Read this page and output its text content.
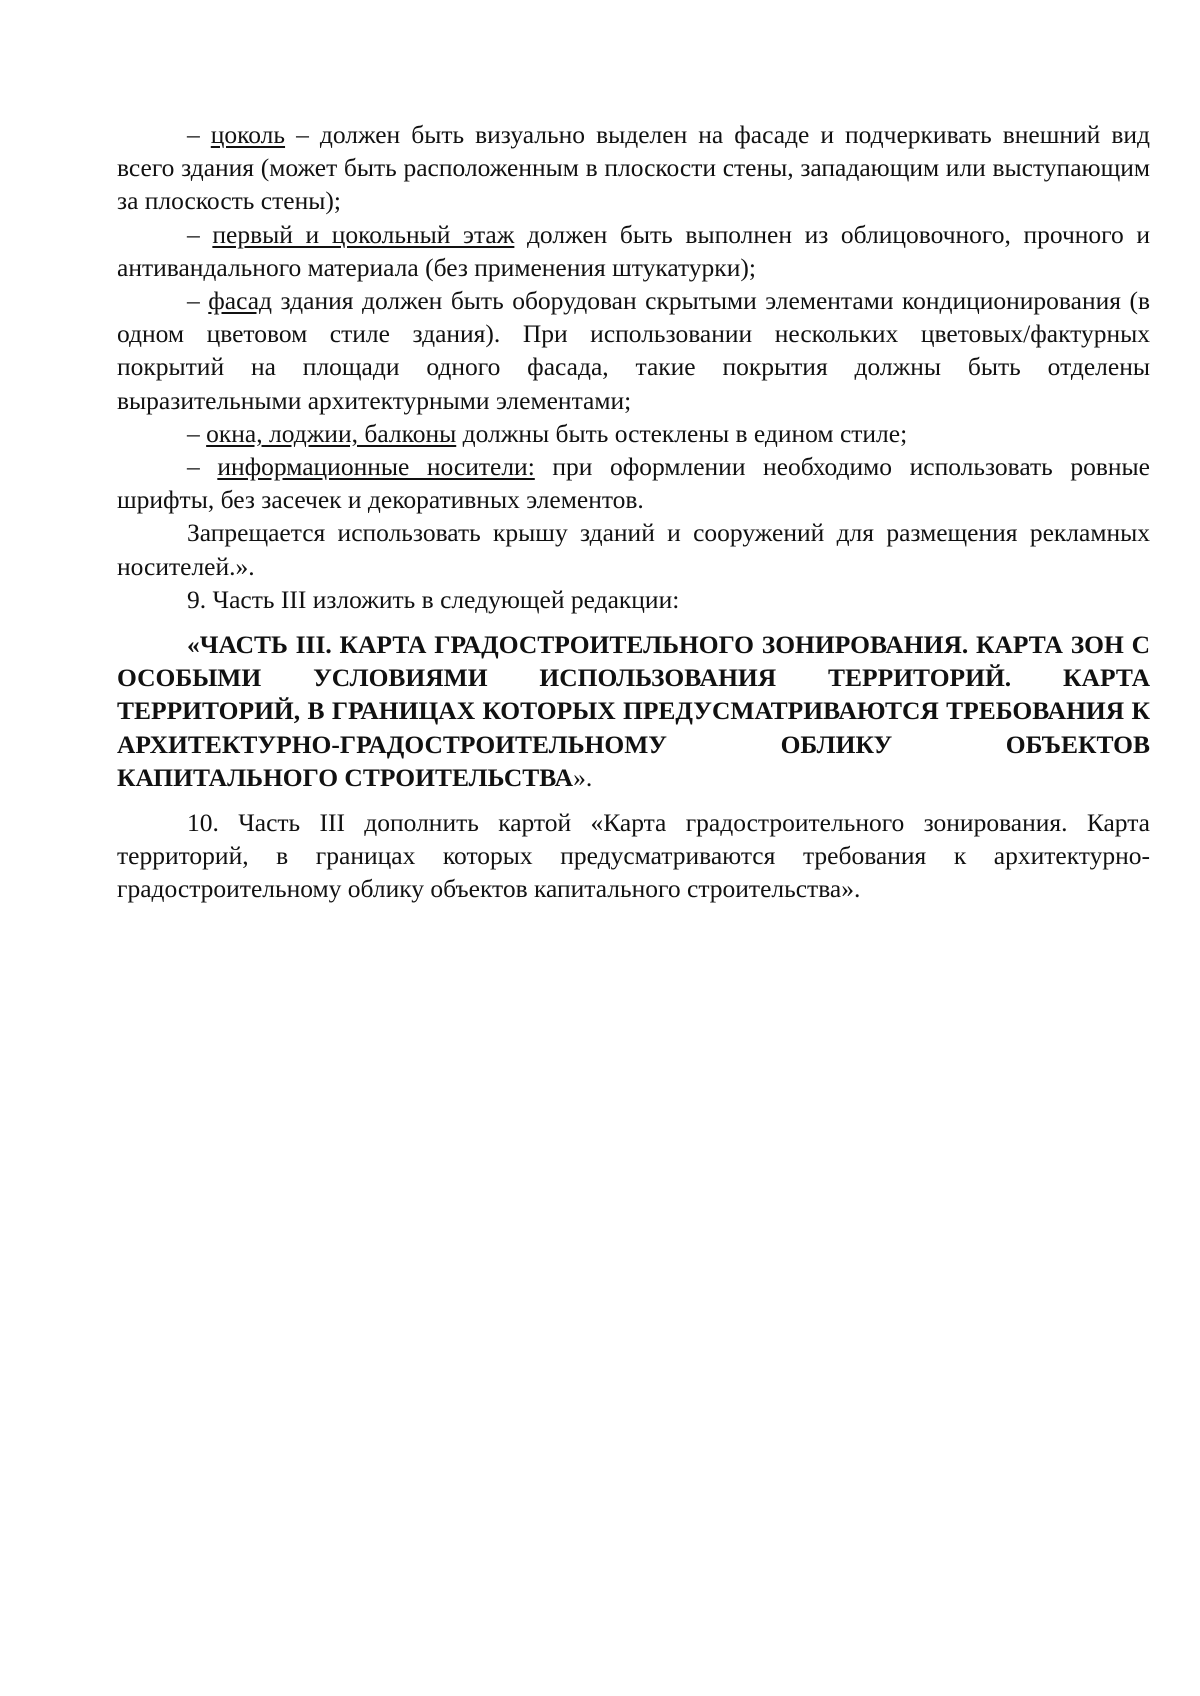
– цоколь – должен быть визуально выделен на фасаде и подчеркивать внешний вид всего здания (может быть расположенным в плоскости стены, западающим или выступающим за плоскость стены);

– первый и цокольный этаж должен быть выполнен из облицовочного, прочного и антивандального материала (без применения штукатурки);

– фасад здания должен быть оборудован скрытыми элементами кондиционирования (в одном цветовом стиле здания). При использовании нескольких цветовых/фактурных покрытий на площади одного фасада, такие покрытия должны быть отделены выразительными архитектурными элементами;

– окна, лоджии, балконы должны быть остеклены в едином стиле;

– информационные носители: при оформлении необходимо использовать ровные шрифты, без засечек и декоративных элементов.

Запрещается использовать крышу зданий и сооружений для размещения рекламных носителей.».

9. Часть III изложить в следующей редакции:

«ЧАСТЬ III. КАРТА ГРАДОСТРОИТЕЛЬНОГО ЗОНИРОВАНИЯ. КАРТА ЗОН С ОСОБЫМИ УСЛОВИЯМИ ИСПОЛЬЗОВАНИЯ ТЕРРИТОРИЙ. КАРТА ТЕРРИТОРИЙ, В ГРАНИЦАХ КОТОРЫХ ПРЕДУСМАТРИВАЮТСЯ ТРЕБОВАНИЯ К АРХИТЕКТУРНО-ГРАДОСТРОИТЕЛЬНОМУ ОБЛИКУ ОБЪЕКТОВ КАПИТАЛЬНОГО СТРОИТЕЛЬСТВА».

10. Часть III дополнить картой «Карта градостроительного зонирования. Карта территорий, в границах которых предусматриваются требования к архитектурно-градостроительному облику объектов капитального строительства».
